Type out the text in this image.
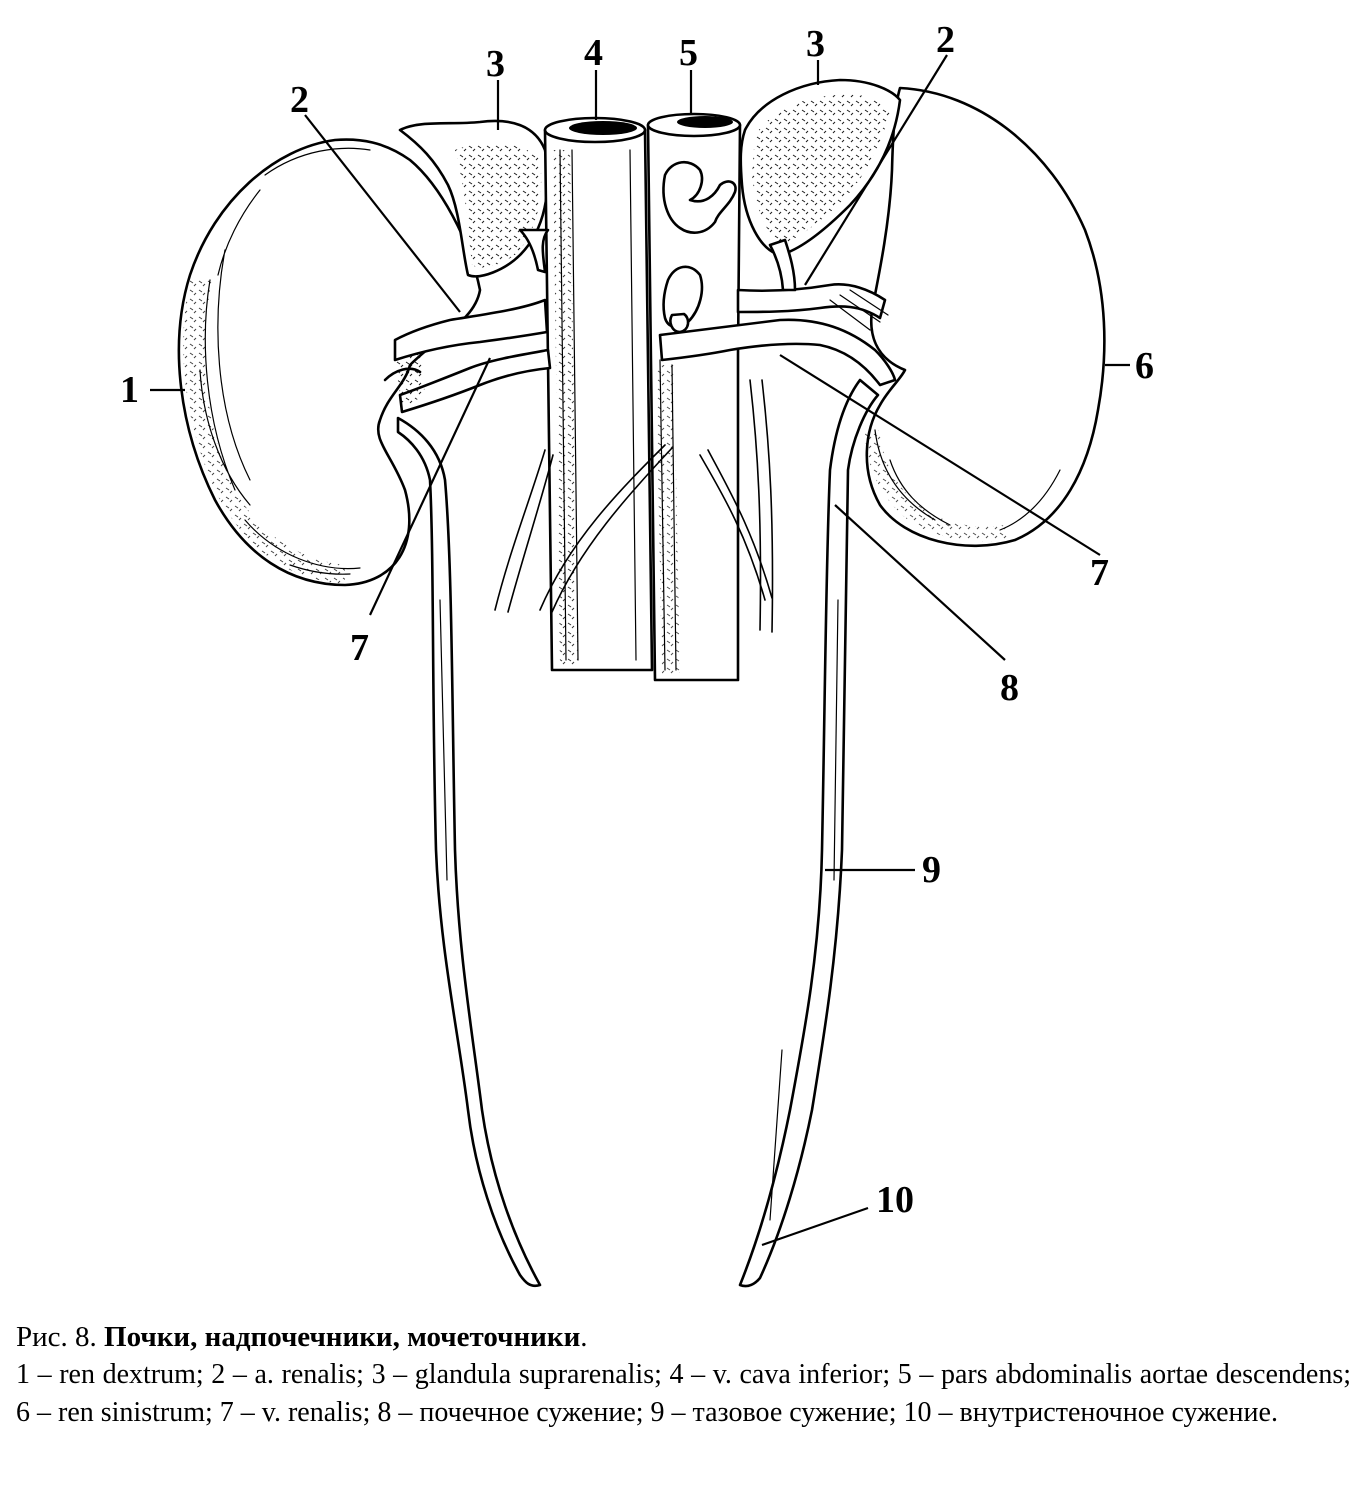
1
2
3 4 5	3	2
6
7
7
8
9
10
Рис. 8. Почки, надпочечники, мочеточники.
1 – ren dextrum; 2 – a. renalis; 3 – glandula suprarenalis; 4 – v. cava inferior; 5 – pars abdominalis aortae descendens; 6 – ren sinistrum; 7 – v. renalis; 8 – почечное сужение; 9 – тазовое сужение; 10 – внутристеночное сужение.
